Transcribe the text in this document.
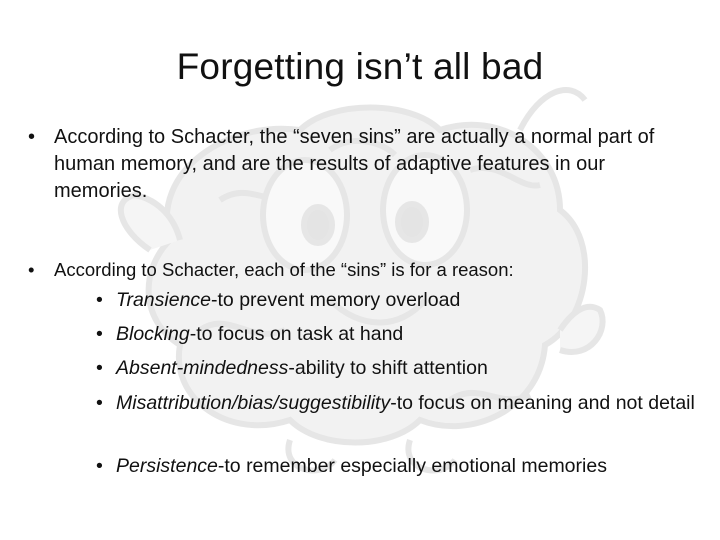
Forgetting isn’t all bad
• According to Schacter, the “seven sins” are actually a normal part of human memory, and are the results of adaptive features in our memories.
• According to Schacter, each of the “sins” is for a reason:
• Transience-to prevent memory overload
• Blocking-to focus on task at hand
• Absent-mindedness-ability to shift attention
• Misattribution/bias/suggestibility-to focus on meaning and not detail
• Persistence-to remember especially emotional memories
